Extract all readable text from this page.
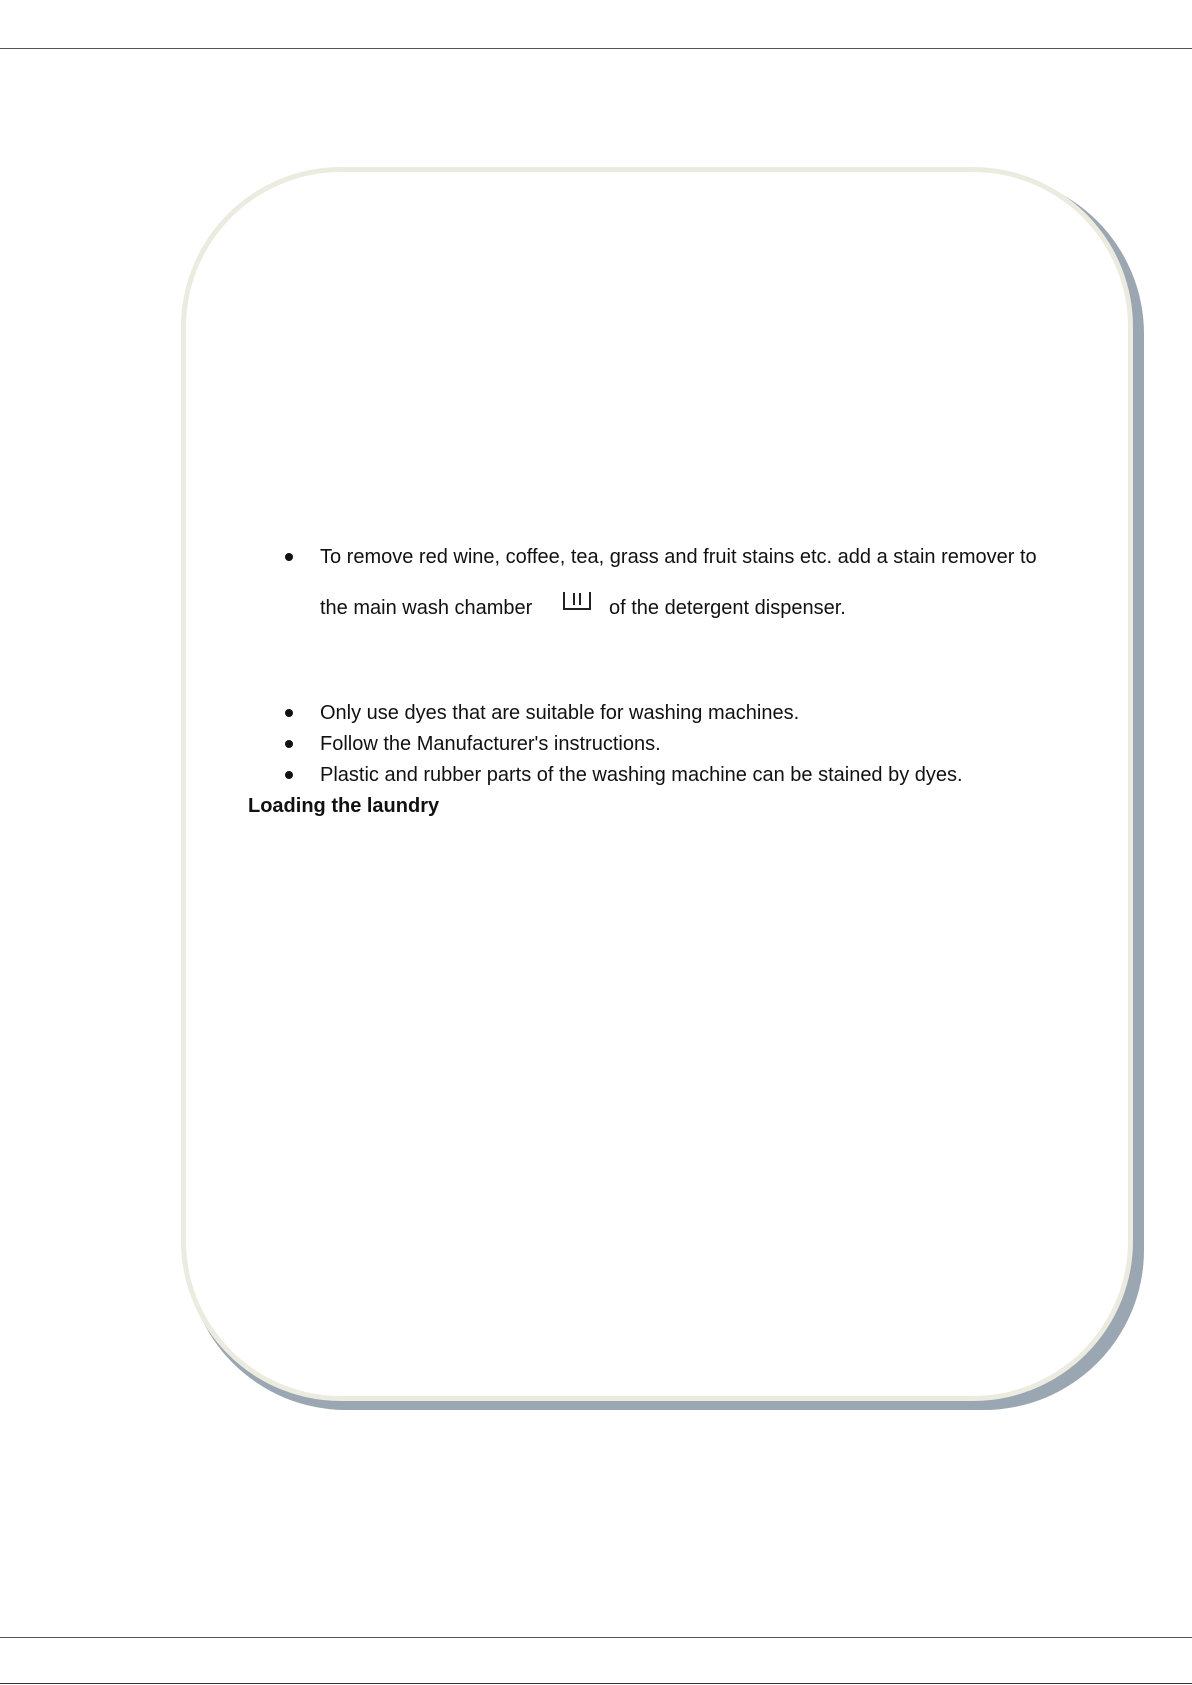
To remove red wine, coffee, tea, grass and fruit stains etc. add a stain remover to
the main wash chamber	of the detergent dispenser.
Only use dyes that are suitable for washing machines.
Follow the Manufacturer's instructions.
Plastic and rubber parts of the washing machine can be stained by dyes.
Loading the laundry
